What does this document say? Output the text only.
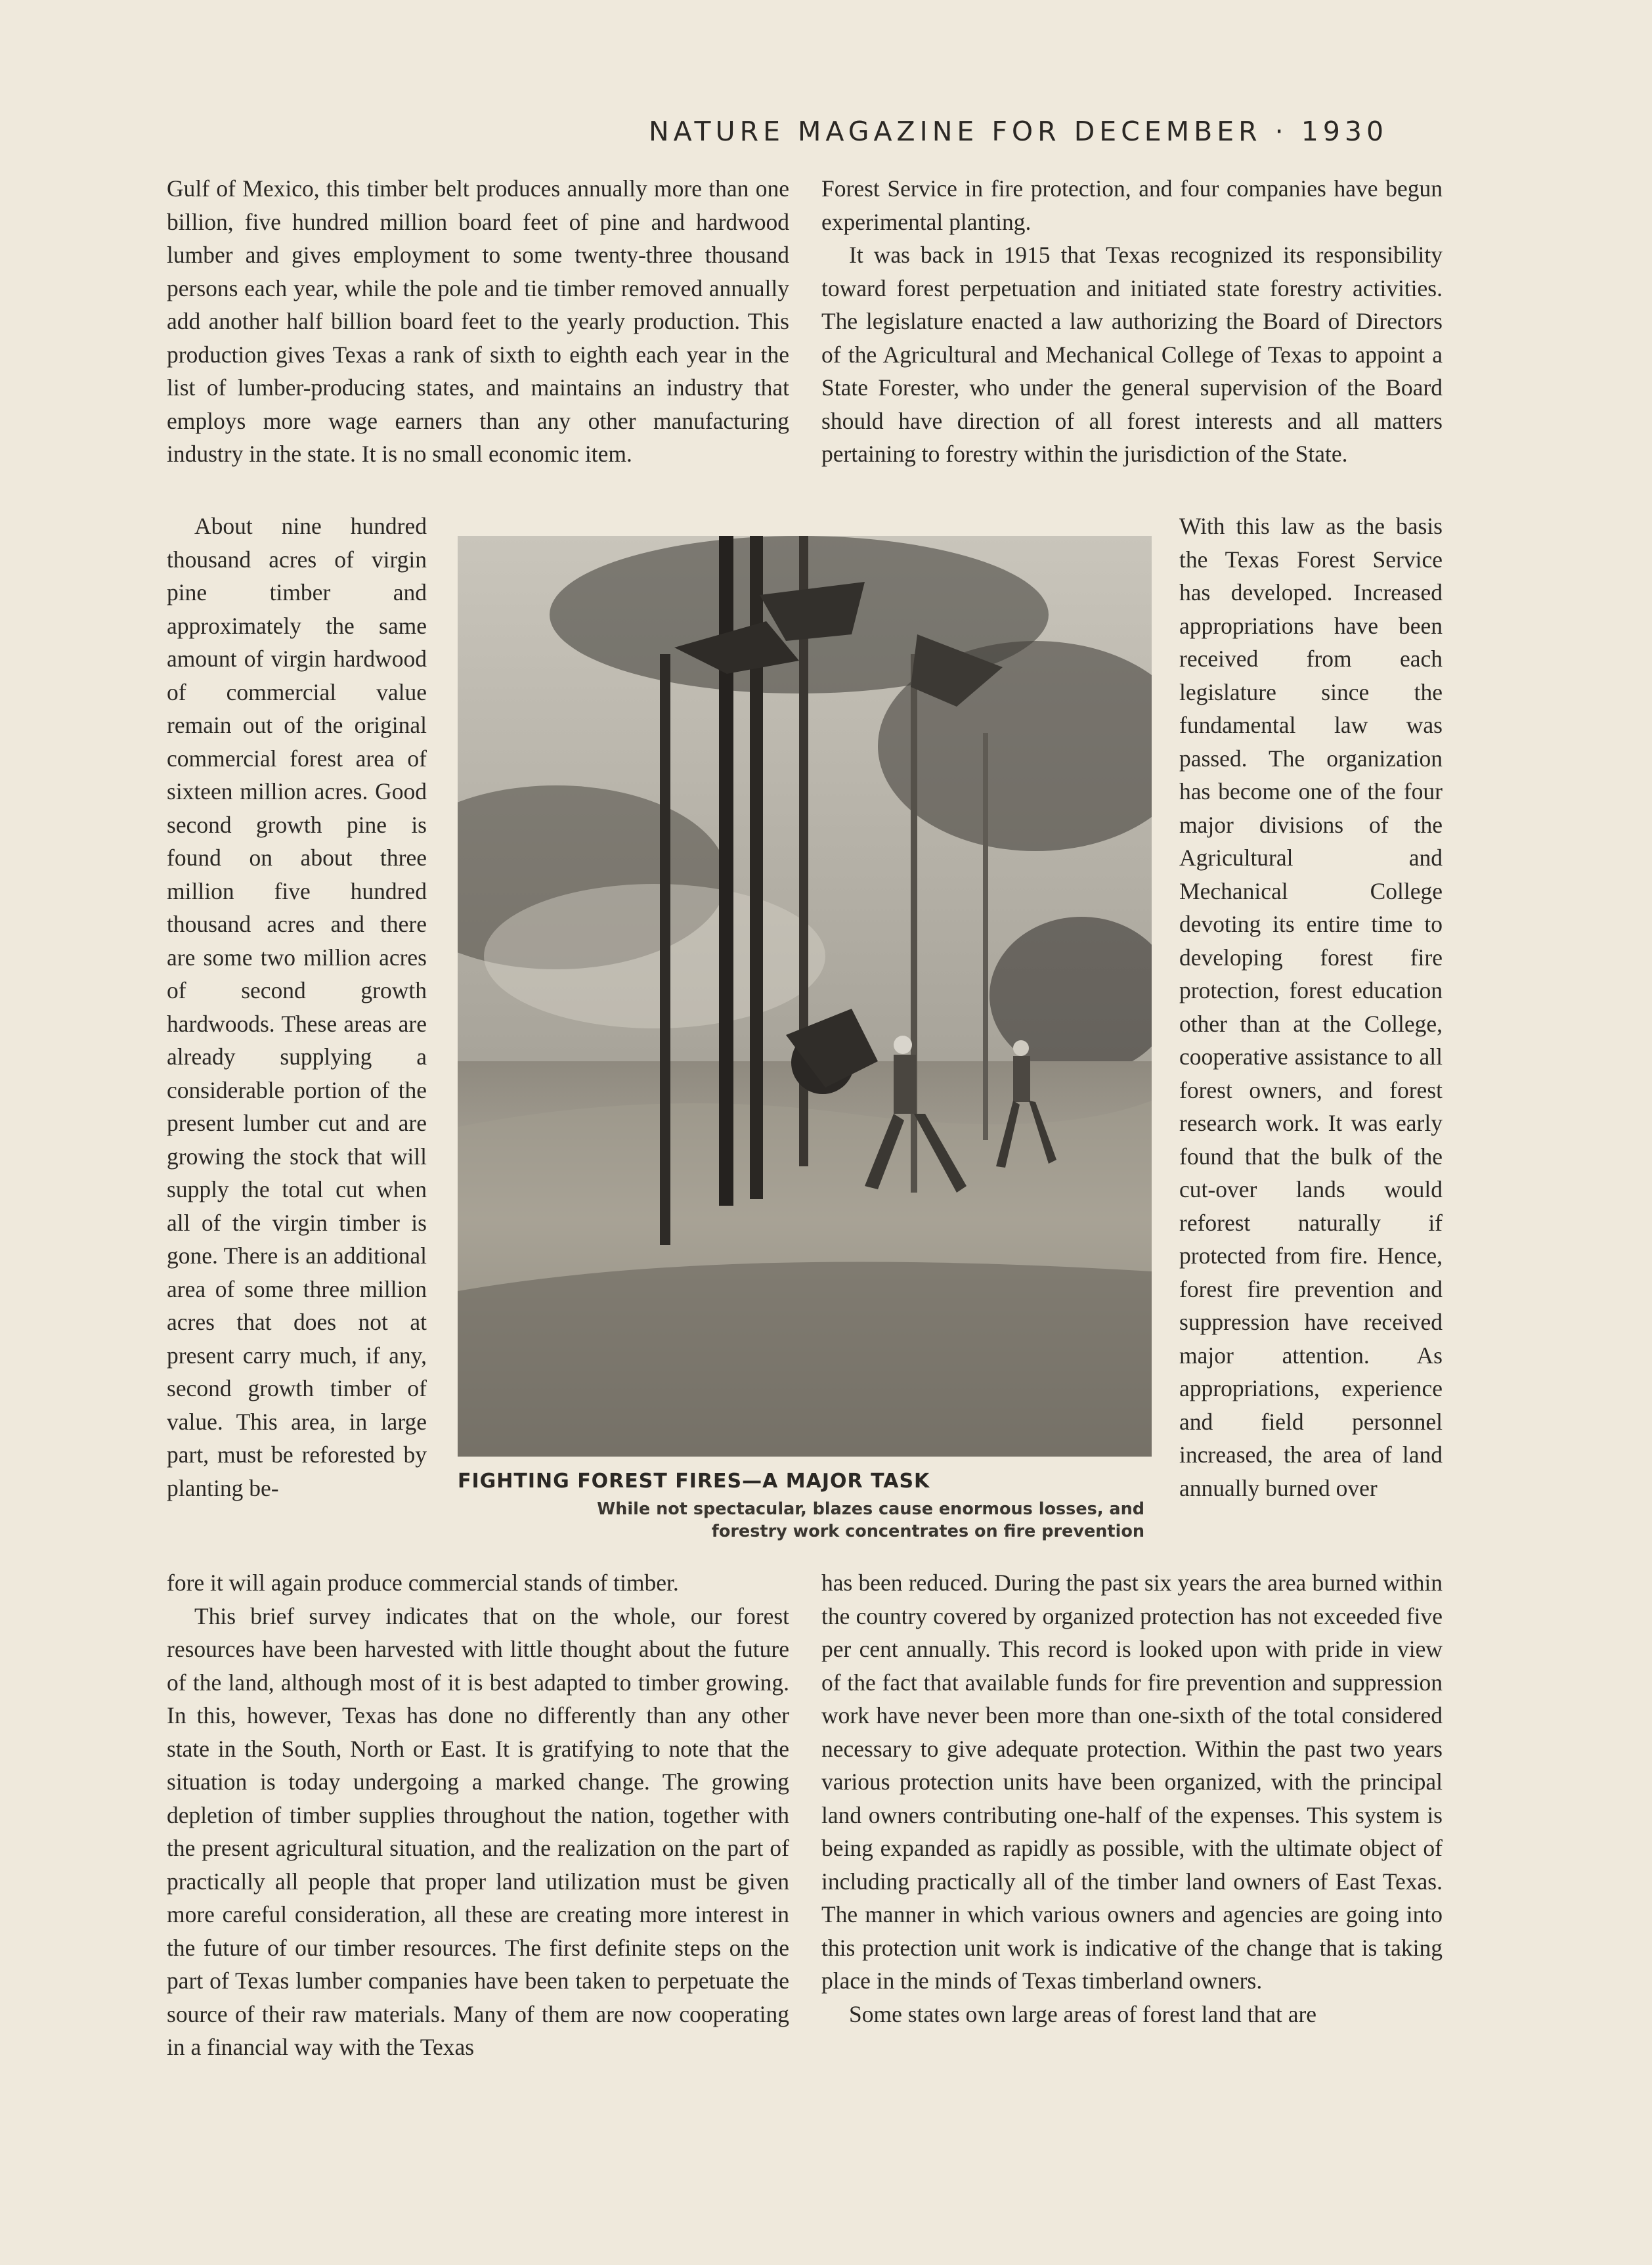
NATURE MAGAZINE FOR DECEMBER · 1930

Gulf of Mexico, this timber belt produces annually more than one billion, five hundred million board feet of pine and hardwood lumber and gives employment to some twenty-three thousand persons each year, while the pole and tie timber removed annually add another half billion board feet to the yearly production. This production gives Texas a rank of sixth to eighth each year in the list of lumber-producing states, and maintains an industry that employs more wage earners than any other manufacturing industry in the state. It is no small economic item.

About nine hundred thousand acres of virgin pine timber and approximately the same amount of virgin hardwood of commercial value remain out of the original commercial forest area of sixteen million acres. Good second growth pine is found on about three million five hundred thousand acres and there are some two million acres of second growth hardwoods. These areas are already supplying a considerable portion of the present lumber cut and are growing the stock that will supply the total cut when all of the virgin timber is gone. There is an additional area of some three million acres that does not at present carry much, if any, second growth timber of value. This area, in large part, must be reforested by planting be-	FIGHTING FOREST FIRES—A MAJOR TASK
While not spectacular, blazes cause enormous losses, and
forestry work concentrates on fire prevention

fore it will again produce commercial stands of timber.

This brief survey indicates that on the whole, our forest resources have been harvested with little thought about the future of the land, although most of it is best adapted to timber growing. In this, however, Texas has done no differently than any other state in the South, North or East. It is gratifying to note that the situation is today undergoing a marked change. The growing depletion of timber supplies throughout the nation, together with the present agricultural situation, and the realization on the part of practically all people that proper land utilization must be given more careful consideration, all these are creating more interest in the future of our timber resources. The first definite steps on the part of Texas lumber companies have been taken to perpetuate the source of their raw materials. Many of them are now cooperating in a financial way with the Texas

Forest Service in fire protection, and four companies have begun experimental planting.

It was back in 1915 that Texas recognized its responsibility toward forest perpetuation and initiated state forestry activities. The legislature enacted a law authorizing the Board of Directors of the Agricultural and Mechanical College of Texas to appoint a State Forester, who under the general supervision of the Board should have direction of all forest interests and all matters pertaining to forestry within the jurisdiction of the State.

With this law as the basis the Texas Forest Service has developed. Increased appropriations have been received from each legislature since the fundamental law was passed. The organization has become one of the four major divisions of the Agricultural and Mechanical College devoting its entire time to developing forest fire protection, forest education other than at the College, cooperative assistance to all forest owners, and forest research work. It was early found that the bulk of the cut-over lands would reforest naturally if protected from fire. Hence, forest fire prevention and suppression have received major attention. As appropriations, experience and field personnel increased, the area of land annually burned over

has been reduced. During the past six years the area burned within the country covered by organized protection has not exceeded five per cent annually. This record is looked upon with pride in view of the fact that available funds for fire prevention and suppression work have never been more than one-sixth of the total considered necessary to give adequate protection. Within the past two years various protection units have been organized, with the principal land owners contributing one-half of the expenses. This system is being expanded as rapidly as possible, with the ultimate object of including practically all of the timber land owners of East Texas. The manner in which various owners and agencies are going into this protection unit work is indicative of the change that is taking place in the minds of Texas timberland owners.

Some states own large areas of forest land that are
